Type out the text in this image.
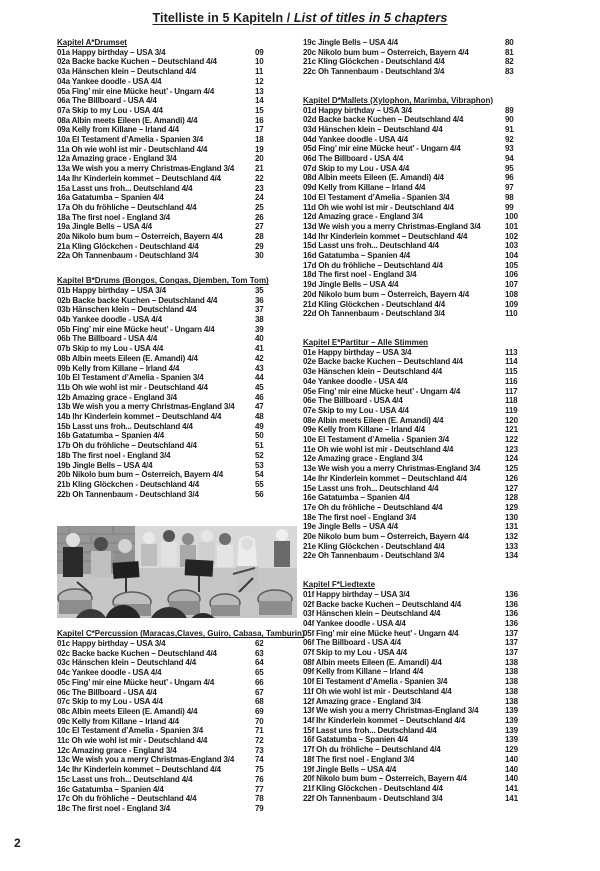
Titelliste in 5 Kapiteln / List of titles in 5 chapters
Kapitel A*Drumset
01a Happy birthday – USA 3/4	09
02a Backe backe Kuchen – Deutschland 4/4	10
03a Hänschen klein – Deutschland 4/4	11
04a Yankee doodle - USA 4/4	12
05a Fing’ mir eine Mücke heut’ - Ungarn 4/4	13
06a The Billboard - USA 4/4	14
07a Skip to my Lou - USA 4/4	15
08a Albin meets Eileen (E. Amandi) 4/4	16
09a Kelly from Killane – Irland 4/4	17
10a El Testament d’Amelia - Spanien 3/4	18
11a Oh wie wohl ist mir - Deutschland 4/4	19
12a Amazing grace - England 3/4	20
13a We wish you a merry Christmas-England 3/4	21
14a Ihr Kinderlein kommet – Deutschland 4/4	22
15a Lasst uns froh... Deutschland 4/4	23
16a Gatatumba – Spanien 4/4	24
17a Oh du fröhliche – Deutschland 4/4	25
18a The first noel - England 3/4	26
19a Jingle Bells – USA 4/4	27
20a Nikolo bum bum – Österreich, Bayern 4/4	28
21a Kling Glöckchen - Deutschland 4/4	29
22a Oh Tannenbaum - Deutschland 3/4	30
Kapitel B*Drums (Bongos, Congas, Djemben, Tom Tom)
01b Happy birthday – USA 3/4	35
02b Backe backe Kuchen – Deutschland 4/4	36
03b Hänschen klein – Deutschland 4/4	37
04b Yankee doodle - USA 4/4	38
05b Fing’ mir eine Mücke heut’ - Ungarn 4/4	39
06b The Billboard - USA 4/4	40
07b Skip to my Lou - USA 4/4	41
08b Albin meets Eileen (E. Amandi) 4/4	42
09b Kelly from Killane – Irland 4/4	43
10b El Testament d’Amelia - Spanien 3/4	44
11b Oh wie wohl ist mir - Deutschland 4/4	45
12b Amazing grace - England 3/4	46
13b We wish you a merry Christmas-England 3/4	47
14b Ihr Kinderlein kommet – Deutschland 4/4	48
15b Lasst uns froh... Deutschland 4/4	49
16b Gatatumba – Spanien 4/4	50
17b Oh du fröhliche – Deutschland 4/4	51
18b The first noel - England 3/4	52
19b Jingle Bells – USA 4/4	53
20b Nikolo bum bum – Österreich, Bayern 4/4	54
21b Kling Glöckchen - Deutschland 4/4	55
22b Oh Tannenbaum - Deutschland 3/4	56
Kapitel C*Percussion (Maracas,Claves, Guiro, Cabasa, Tamburin)
01c Happy birthday – USA 3/4	62
02c Backe backe Kuchen – Deutschland 4/4	63
03c Hänschen klein – Deutschland 4/4	64
04c Yankee doodle - USA 4/4	65
05c Fing’ mir eine Mücke heut’ - Ungarn 4/4	66
06c The Billboard - USA 4/4	67
07c Skip to my Lou - USA 4/4	68
08c Albin meets Eileen (E. Amandi) 4/4	69
09c Kelly from Killane – Irland 4/4	70
10c El Testament d’Amelia - Spanien 3/4	71
11c Oh wie wohl ist mir - Deutschland 4/4	72
12c Amazing grace - England 3/4	73
13c We wish you a merry Christmas-England 3/4	74
14c Ihr Kinderlein kommet – Deutschland 4/4	75
15c Lasst uns froh... Deutschland 4/4	76
16c Gatatumba – Spanien 4/4	77
17c Oh du fröhliche – Deutschland 4/4	78
18c The first noel - England 3/4	79
19c Jingle Bells – USA 4/4	80
20c Nikolo bum bum – Österreich, Bayern 4/4	81
21c Kling Glöckchen - Deutschland 4/4	82
22c Oh Tannenbaum - Deutschland 3/4	83
Kapitel D*Mallets (Xylophon, Marimba, Vibraphon)
01d Happy birthday – USA 3/4	89
02d Backe backe Kuchen – Deutschland 4/4	90
03d Hänschen klein – Deutschland 4/4	91
04d Yankee doodle - USA 4/4	92
05d Fing’ mir eine Mücke heut’ - Ungarn 4/4	93
06d The Billboard - USA 4/4	94
07d Skip to my Lou - USA 4/4	95
08d Albin meets Eileen (E. Amandi) 4/4	96
09d Kelly from Killane – Irland 4/4	97
10d El Testament d’Amelia - Spanien 3/4	98
11d Oh wie wohl ist mir - Deutschland 4/4	99
12d Amazing grace - England 3/4	100
13d We wish you a merry Christmas-England 3/4	101
14d Ihr Kinderlein kommet – Deutschland 4/4	102
15d Lasst uns froh... Deutschland 4/4	103
16d Gatatumba – Spanien 4/4	104
17d Oh du fröhliche – Deutschland 4/4	105
18d The first noel - England 3/4	106
19d Jingle Bells – USA 4/4	107
20d Nikolo bum bum – Österreich, Bayern 4/4	108
21d Kling Glöckchen - Deutschland 4/4	109
22d Oh Tannenbaum - Deutschland 3/4	110
Kapitel E*Partitur – Alle Stimmen
01e Happy birthday – USA 3/4	113
02e Backe backe Kuchen – Deutschland 4/4	114
03e Hänschen klein – Deutschland 4/4	115
04e Yankee doodle - USA 4/4	116
05e Fing’ mir eine Mücke heut’ - Ungarn 4/4	117
06e The Billboard - USA 4/4	118
07e Skip to my Lou - USA 4/4	119
08e Albin meets Eileen (E. Amandi) 4/4	120
09e Kelly from Killane – Irland 4/4	121
10e El Testament d’Amelia - Spanien 3/4	122
11e Oh wie wohl ist mir - Deutschland 4/4	123
12e Amazing grace - England 3/4	124
13e We wish you a merry Christmas-England 3/4	125
14e Ihr Kinderlein kommet – Deutschland 4/4	126
15e Lasst uns froh... Deutschland 4/4	127
16e Gatatumba – Spanien 4/4	128
17e Oh du fröhliche – Deutschland 4/4	129
18e The first noel - England 3/4	130
19e Jingle Bells – USA 4/4	131
20e Nikolo bum bum – Österreich, Bayern 4/4	132
21e Kling Glöckchen - Deutschland 4/4	133
22e Oh Tannenbaum - Deutschland 3/4	134
Kapitel F*Liedtexte
01f Happy birthday – USA 3/4	136
02f Backe backe Kuchen – Deutschland 4/4	136
03f Hänschen klein – Deutschland 4/4	136
04f Yankee doodle - USA 4/4	136
05f Fing’ mir eine Mücke heut’ - Ungarn 4/4	137
06f The Billboard - USA 4/4	137
07f Skip to my Lou - USA 4/4	137
08f Albin meets Eileen (E. Amandi) 4/4	138
09f Kelly from Killane – Irland 4/4	138
10f El Testament d’Amelia - Spanien 3/4	138
11f Oh wie wohl ist mir - Deutschland 4/4	138
12f Amazing grace - England 3/4	138
13f We wish you a merry Christmas-England 3/4	139
14f Ihr Kinderlein kommet – Deutschland 4/4	139
15f Lasst uns froh... Deutschland 4/4	139
16f Gatatumba – Spanien 4/4	139
17f Oh du fröhliche – Deutschland 4/4	129
18f The first noel - England 3/4	140
19f Jingle Bells – USA 4/4	140
20f Nikolo bum bum – Österreich, Bayern 4/4	140
21f Kling Glöckchen - Deutschland 4/4	141
22f Oh Tannenbaum - Deutschland 3/4	141
2
